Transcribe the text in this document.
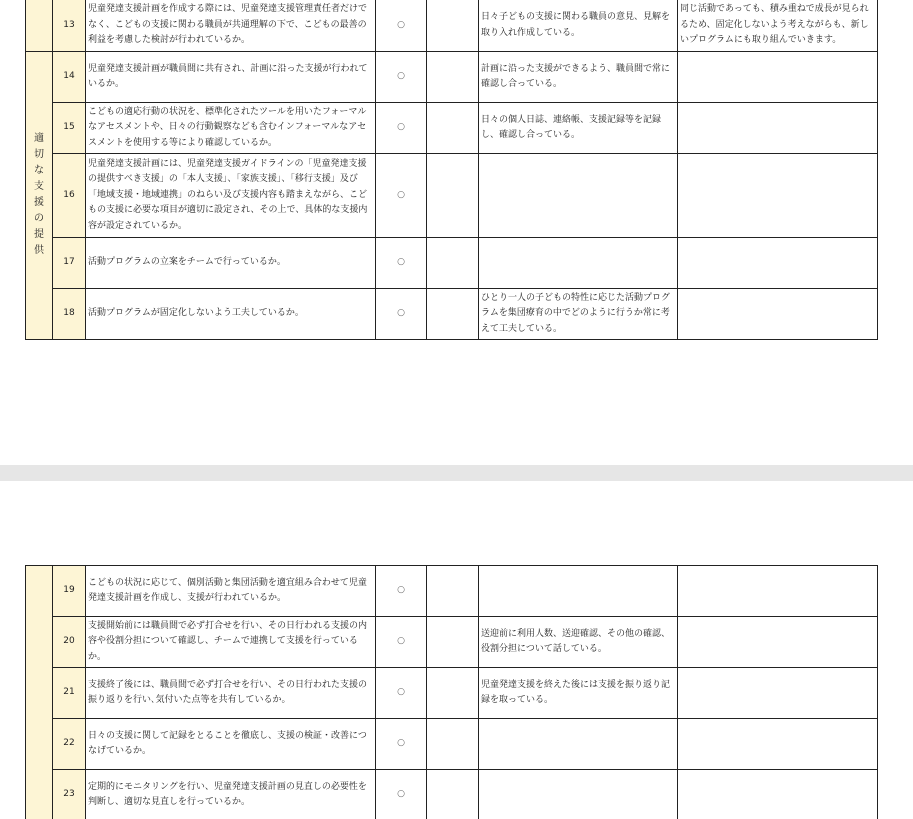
	13	児童発達支援計画を作成する際には、児童発達支援管理責任者だけでなく、こどもの支援に関わる職員が共通理解の下で、こどもの最善の利益を考慮した検討が行われているか。	○		日々子どもの支援に関わる職員の意見、見解を取り入れ作成している。	同じ活動であっても、積み重ねで成長が見られるため、固定化しないよう考えながらも、新しいプログラムにも取り組んでいきます。
適切な支援の提供	14	児童発達支援計画が職員間に共有され、計画に沿った支援が行われているか。	○		計画に沿った支援ができるよう、職員間で常に確認し合っている。	
	15	こどもの適応行動の状況を、標準化されたツールを用いたフォーマルなアセスメントや、日々の行動観察なども含むインフォーマルなアセスメントを使用する等により確認しているか。	○		日々の個人日誌、連絡帳、支援記録等を記録し、確認し合っている。	
	16	児童発達支援計画には、児童発達支援ガイドラインの「児童発達支援の提供すべき支援」の「本人支援」、「家族支援」、「移行支援」及び「地域支援・地域連携」のねらい及び支援内容も踏まえながら、こどもの支援に必要な項目が適切に設定され、その上で、具体的な支援内容が設定されているか。	○			
	17	活動プログラムの立案をチームで行っているか。	○			
	18	活動プログラムが固定化しないよう工夫しているか。	○		ひとり一人の子どもの特性に応じた活動プログラムを集団療育の中でどのように行うか常に考えて工夫している。	
	19	こどもの状況に応じて、個別活動と集団活動を適宜組み合わせて児童発達支援計画を作成し、支援が行われているか。	○			
	20	支援開始前には職員間で必ず打合せを行い、その日行われる支援の内容や役割分担について確認し、チームで連携して支援を行っているか。	○		送迎前に利用人数、送迎確認、その他の確認、役割分担について話している。	
	21	支援終了後には、職員間で必ず打合せを行い、その日行われた支援の振り返りを行い､気付いた点等を共有しているか。	○		児童発達支援を終えた後には支援を振り返り記録を取っている。	
	22	日々の支援に関して記録をとることを徹底し、支援の検証・改善につなげているか。	○			
	23	定期的にモニタリングを行い、児童発達支援計画の見直しの必要性を判断し、適切な見直しを行っているか。	○			
